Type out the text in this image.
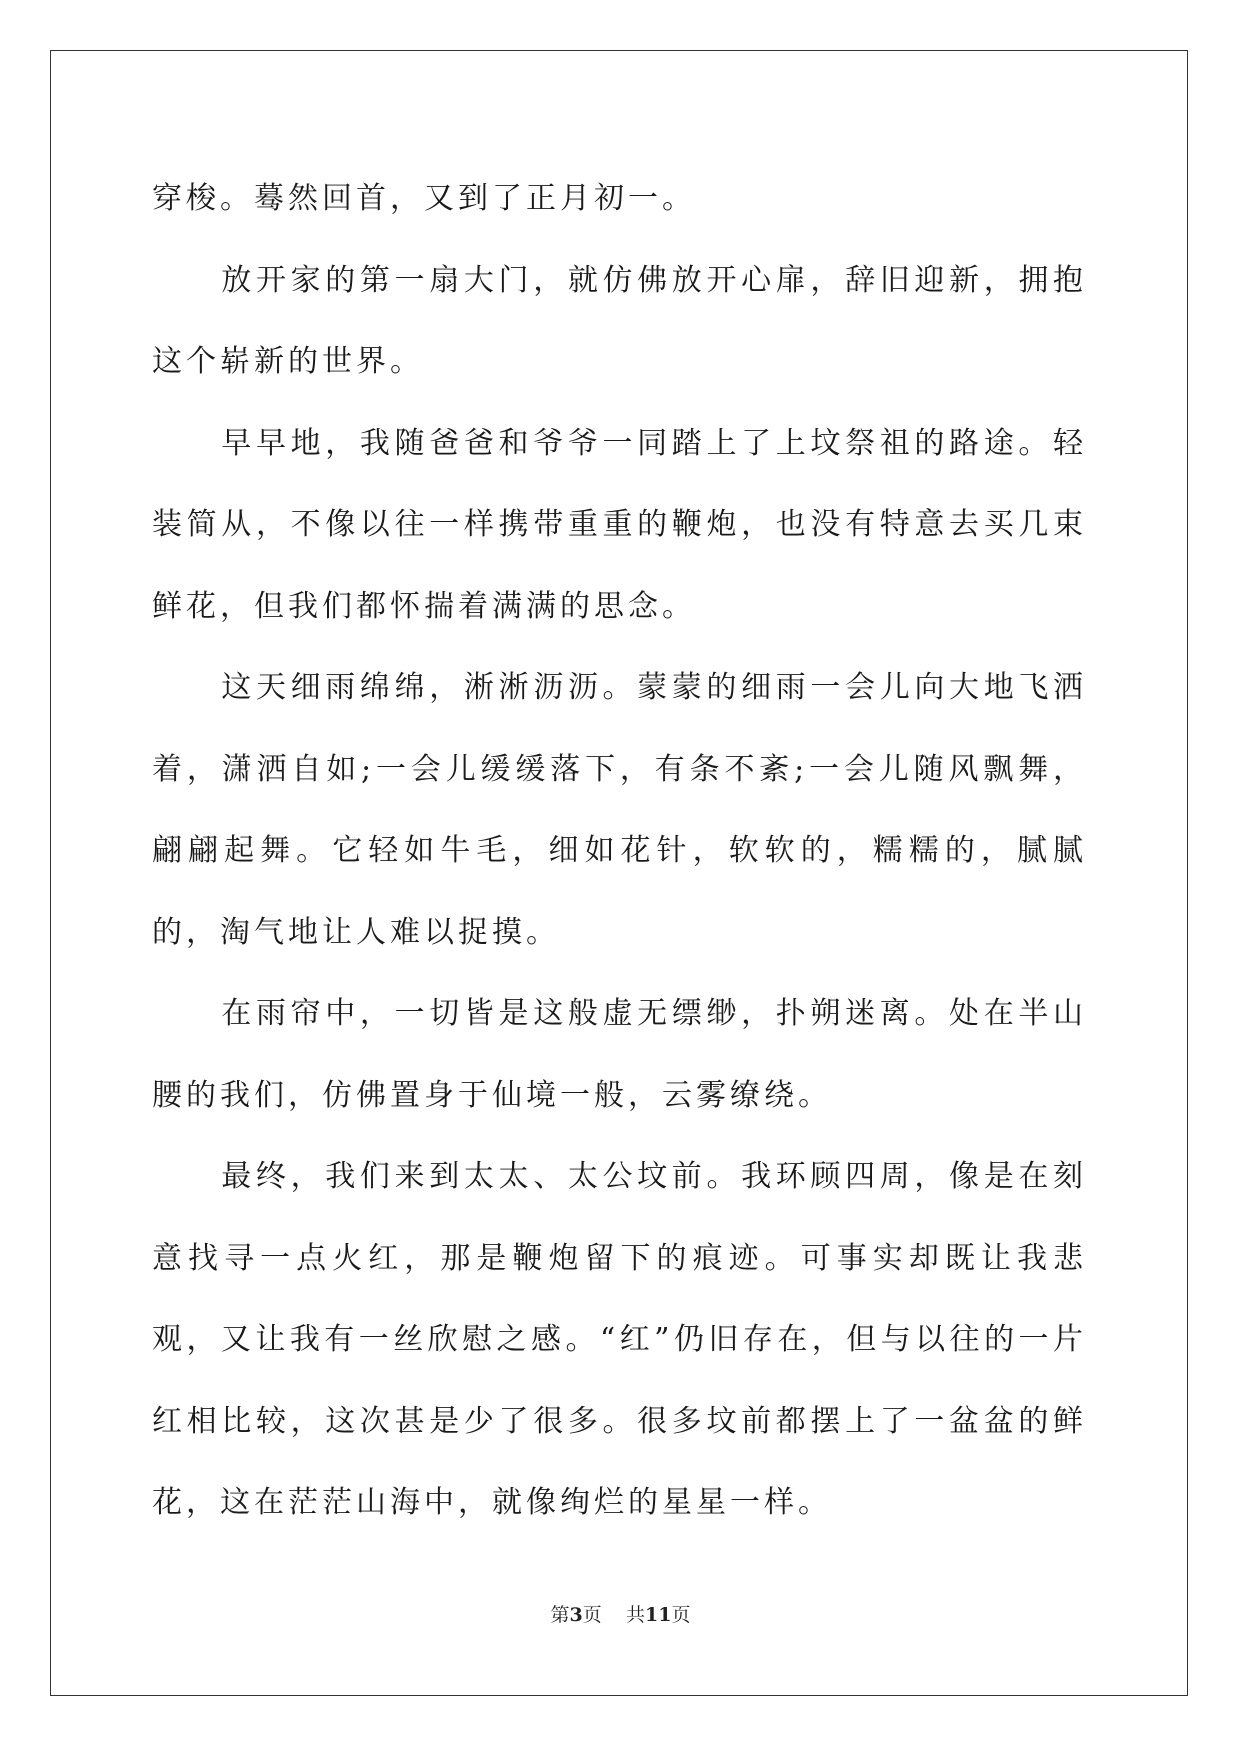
穿梭。蓦然回首，又到了正月初一。

　　放开家的第一扇大门，就仿佛放开心扉，辞旧迎新，拥抱这个崭新的世界。

　　早早地，我随爸爸和爷爷一同踏上了上坟祭祖的路途。轻装简从，不像以往一样携带重重的鞭炮，也没有特意去买几束鲜花，但我们都怀揣着满满的思念。

　　这天细雨绵绵，淅淅沥沥。蒙蒙的细雨一会儿向大地飞洒着，潇洒自如;一会儿缓缓落下，有条不紊;一会儿随风飘舞，翩翩起舞。它轻如牛毛，细如花针，软软的，糯糯的，腻腻的，淘气地让人难以捉摸。

　　在雨帘中，一切皆是这般虚无缥缈，扑朔迷离。处在半山腰的我们，仿佛置身于仙境一般，云雾缭绕。

　　最终，我们来到太太、太公坟前。我环顾四周，像是在刻意找寻一点火红，那是鞭炮留下的痕迹。可事实却既让我悲观，又让我有一丝欣慰之感。“红”仍旧存在，但与以往的一片红相比较，这次甚是少了很多。很多坟前都摆上了一盆盆的鲜花，这在茫茫山海中，就像绚烂的星星一样。

第3页 共11页
